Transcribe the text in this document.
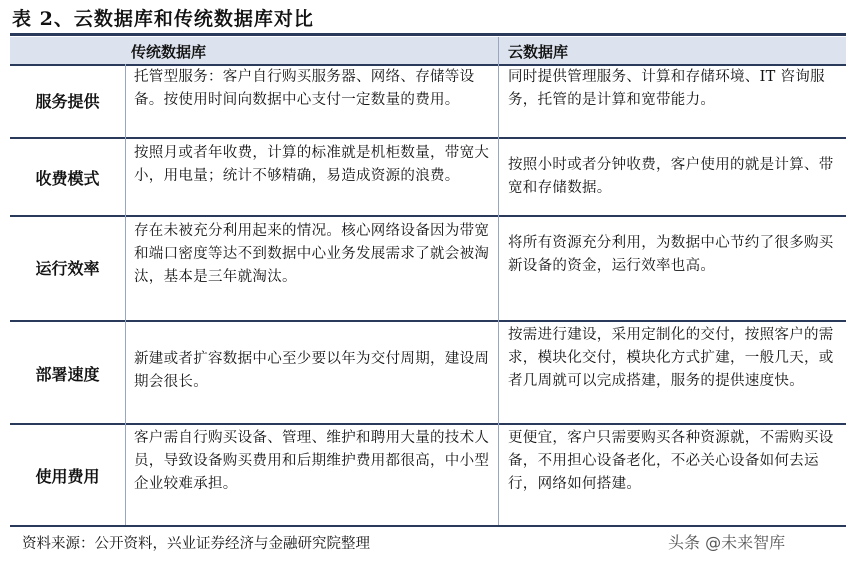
表 2、云数据库和传统数据库对比
传统数据库	云数据库
服务提供
托管型服务：客户自行购买服务器、网络、存储等设备。按使用时间向数据中心支付一定数量的费用。
同时提供管理服务、计算和存储环境、IT 咨询服务，托管的是计算和宽带能力。
收费模式
按照月或者年收费，计算的标准就是机柜数量，带宽大小，用电量；统计不够精确，易造成资源的浪费。
按照小时或者分钟收费，客户使用的就是计算、带宽和存储数据。
运行效率
存在未被充分利用起来的情况。核心网络设备因为带宽和端口密度等达不到数据中心业务发展需求了就会被淘汰，基本是三年就淘汰。
将所有资源充分利用，为数据中心节约了很多购买新设备的资金，运行效率也高。
部署速度
新建或者扩容数据中心至少要以年为交付周期，建设周期会很长。
按需进行建设，采用定制化的交付，按照客户的需求，模块化交付，模块化方式扩建，一般几天，或者几周就可以完成搭建，服务的提供速度快。
使用费用
客户需自行购买设备、管理、维护和聘用大量的技术人员，导致设备购买费用和后期维护费用都很高，中小型企业较难承担。
更便宜，客户只需要购买各种资源就，不需购买设备，不用担心设备老化，不必关心设备如何去运行，网络如何搭建。
资料来源：公开资料，兴业证券经济与金融研究院整理	头条 @未来智库
